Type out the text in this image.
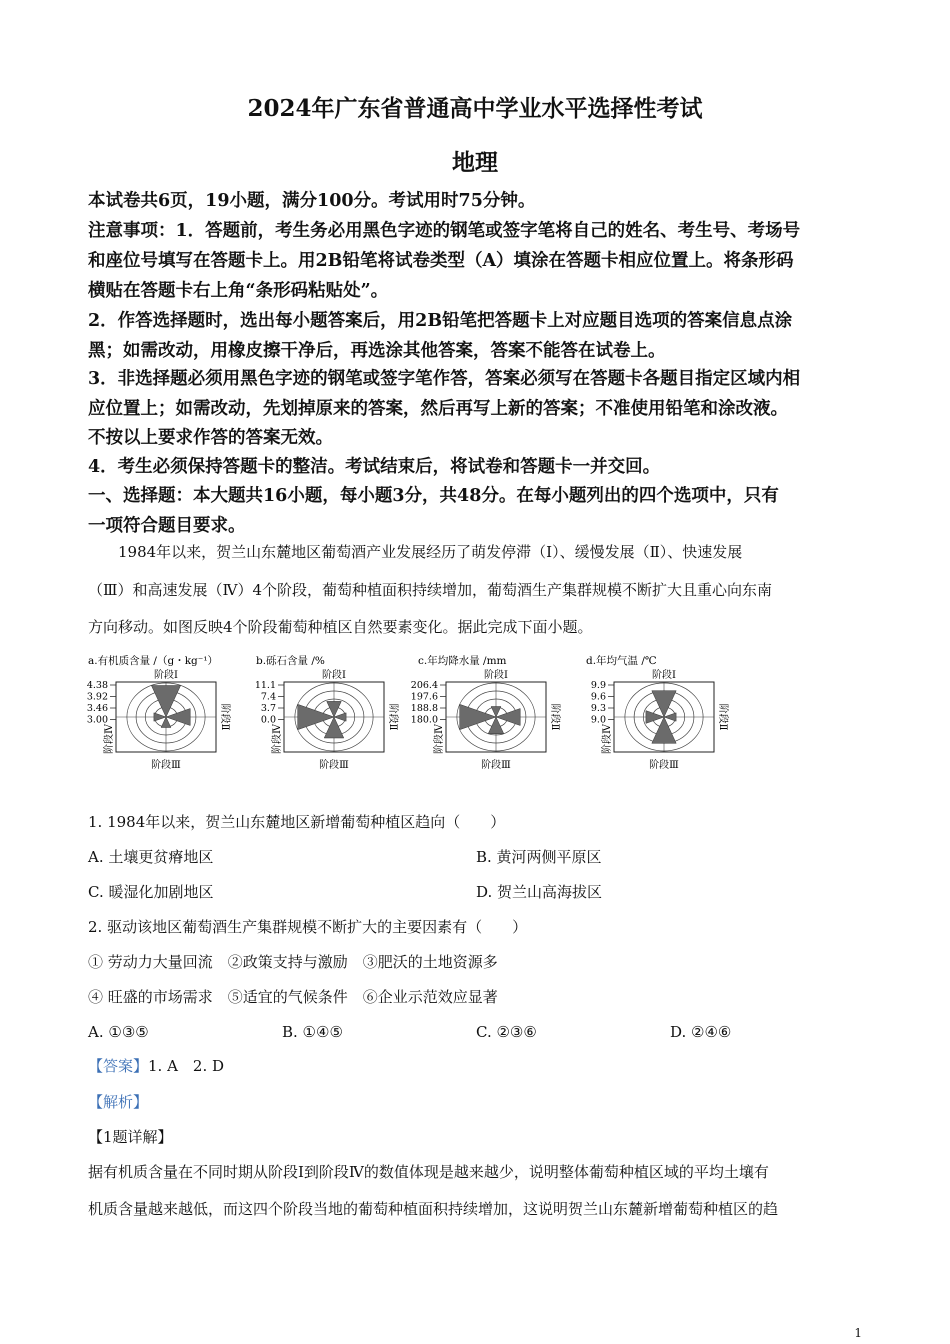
2024年广东省普通高中学业水平选择性考试
地理
本试卷共6页，19小题，满分100分。考试用时75分钟。
注意事项：1．答题前，考生务必用黑色字迹的钢笔或签字笔将自己的姓名、考生号、考场号
和座位号填写在答题卡上。用2B铅笔将试卷类型（A）填涂在答题卡相应位置上。将条形码
横贴在答题卡右上角“条形码粘贴处”。
2．作答选择题时，选出每小题答案后，用2B铅笔把答题卡上对应题目选项的答案信息点涂
黑；如需改动，用橡皮擦干净后，再选涂其他答案，答案不能答在试卷上。
3．非选择题必须用黑色字迹的钢笔或签字笔作答，答案必须写在答题卡各题目指定区域内相
应位置上；如需改动，先划掉原来的答案，然后再写上新的答案；不准使用铅笔和涂改液。
不按以上要求作答的答案无效。
4．考生必须保持答题卡的整洁。考试结束后，将试卷和答题卡一并交回。
一、选择题：本大题共16小题，每小题3分，共48分。在每小题列出的四个选项中，只有
一项符合题目要求。
1984年以来，贺兰山东麓地区葡萄酒产业发展经历了萌发停滞（Ⅰ）、缓慢发展（Ⅱ）、快速发展
（Ⅲ）和高速发展（Ⅳ）4个阶段，葡萄种植面积持续增加，葡萄酒生产集群规模不断扩大且重心向东南
方向移动。如图反映4个阶段葡萄种植区自然要素变化。据此完成下面小题。
a.有机质含量 /（g・kg⁻¹）
4.38
3.92
3.46
3.00
阶段Ⅰ
阶段Ⅱ
阶段Ⅲ
阶段Ⅳ
b.砾石含量 /%
11.1
7.4
3.7
0.0
阶段Ⅰ
阶段Ⅱ
阶段Ⅲ
阶段Ⅳ
c.年均降水量 /mm
206.4
197.6
188.8
180.0
阶段Ⅰ
阶段Ⅱ
阶段Ⅲ
阶段Ⅳ
d.年均气温 /℃
9.9
9.6
9.3
9.0
阶段Ⅰ
阶段Ⅱ
阶段Ⅲ
阶段Ⅳ
1. 1984年以来，贺兰山东麓地区新增葡萄种植区趋向（　　）
A. 土壤更贫瘠地区	B. 黄河两侧平原区
C. 暖湿化加剧地区	D. 贺兰山高海拔区
2. 驱动该地区葡萄酒生产集群规模不断扩大的主要因素有（　　）
① 劳动力大量回流　②政策支持与激励　③肥沃的土地资源多
④ 旺盛的市场需求　⑤适宜的气候条件　⑥企业示范效应显著
A. ①③⑤	B. ①④⑤	C. ②③⑥	D. ②④⑥
【答案】1. A　2. D
【解析】
【1题详解】
据有机质含量在不同时期从阶段Ⅰ到阶段Ⅳ的数值体现是越来越少，说明整体葡萄种植区域的平均土壤有
机质含量越来越低，而这四个阶段当地的葡萄种植面积持续增加，这说明贺兰山东麓新增葡萄种植区的趋
1
